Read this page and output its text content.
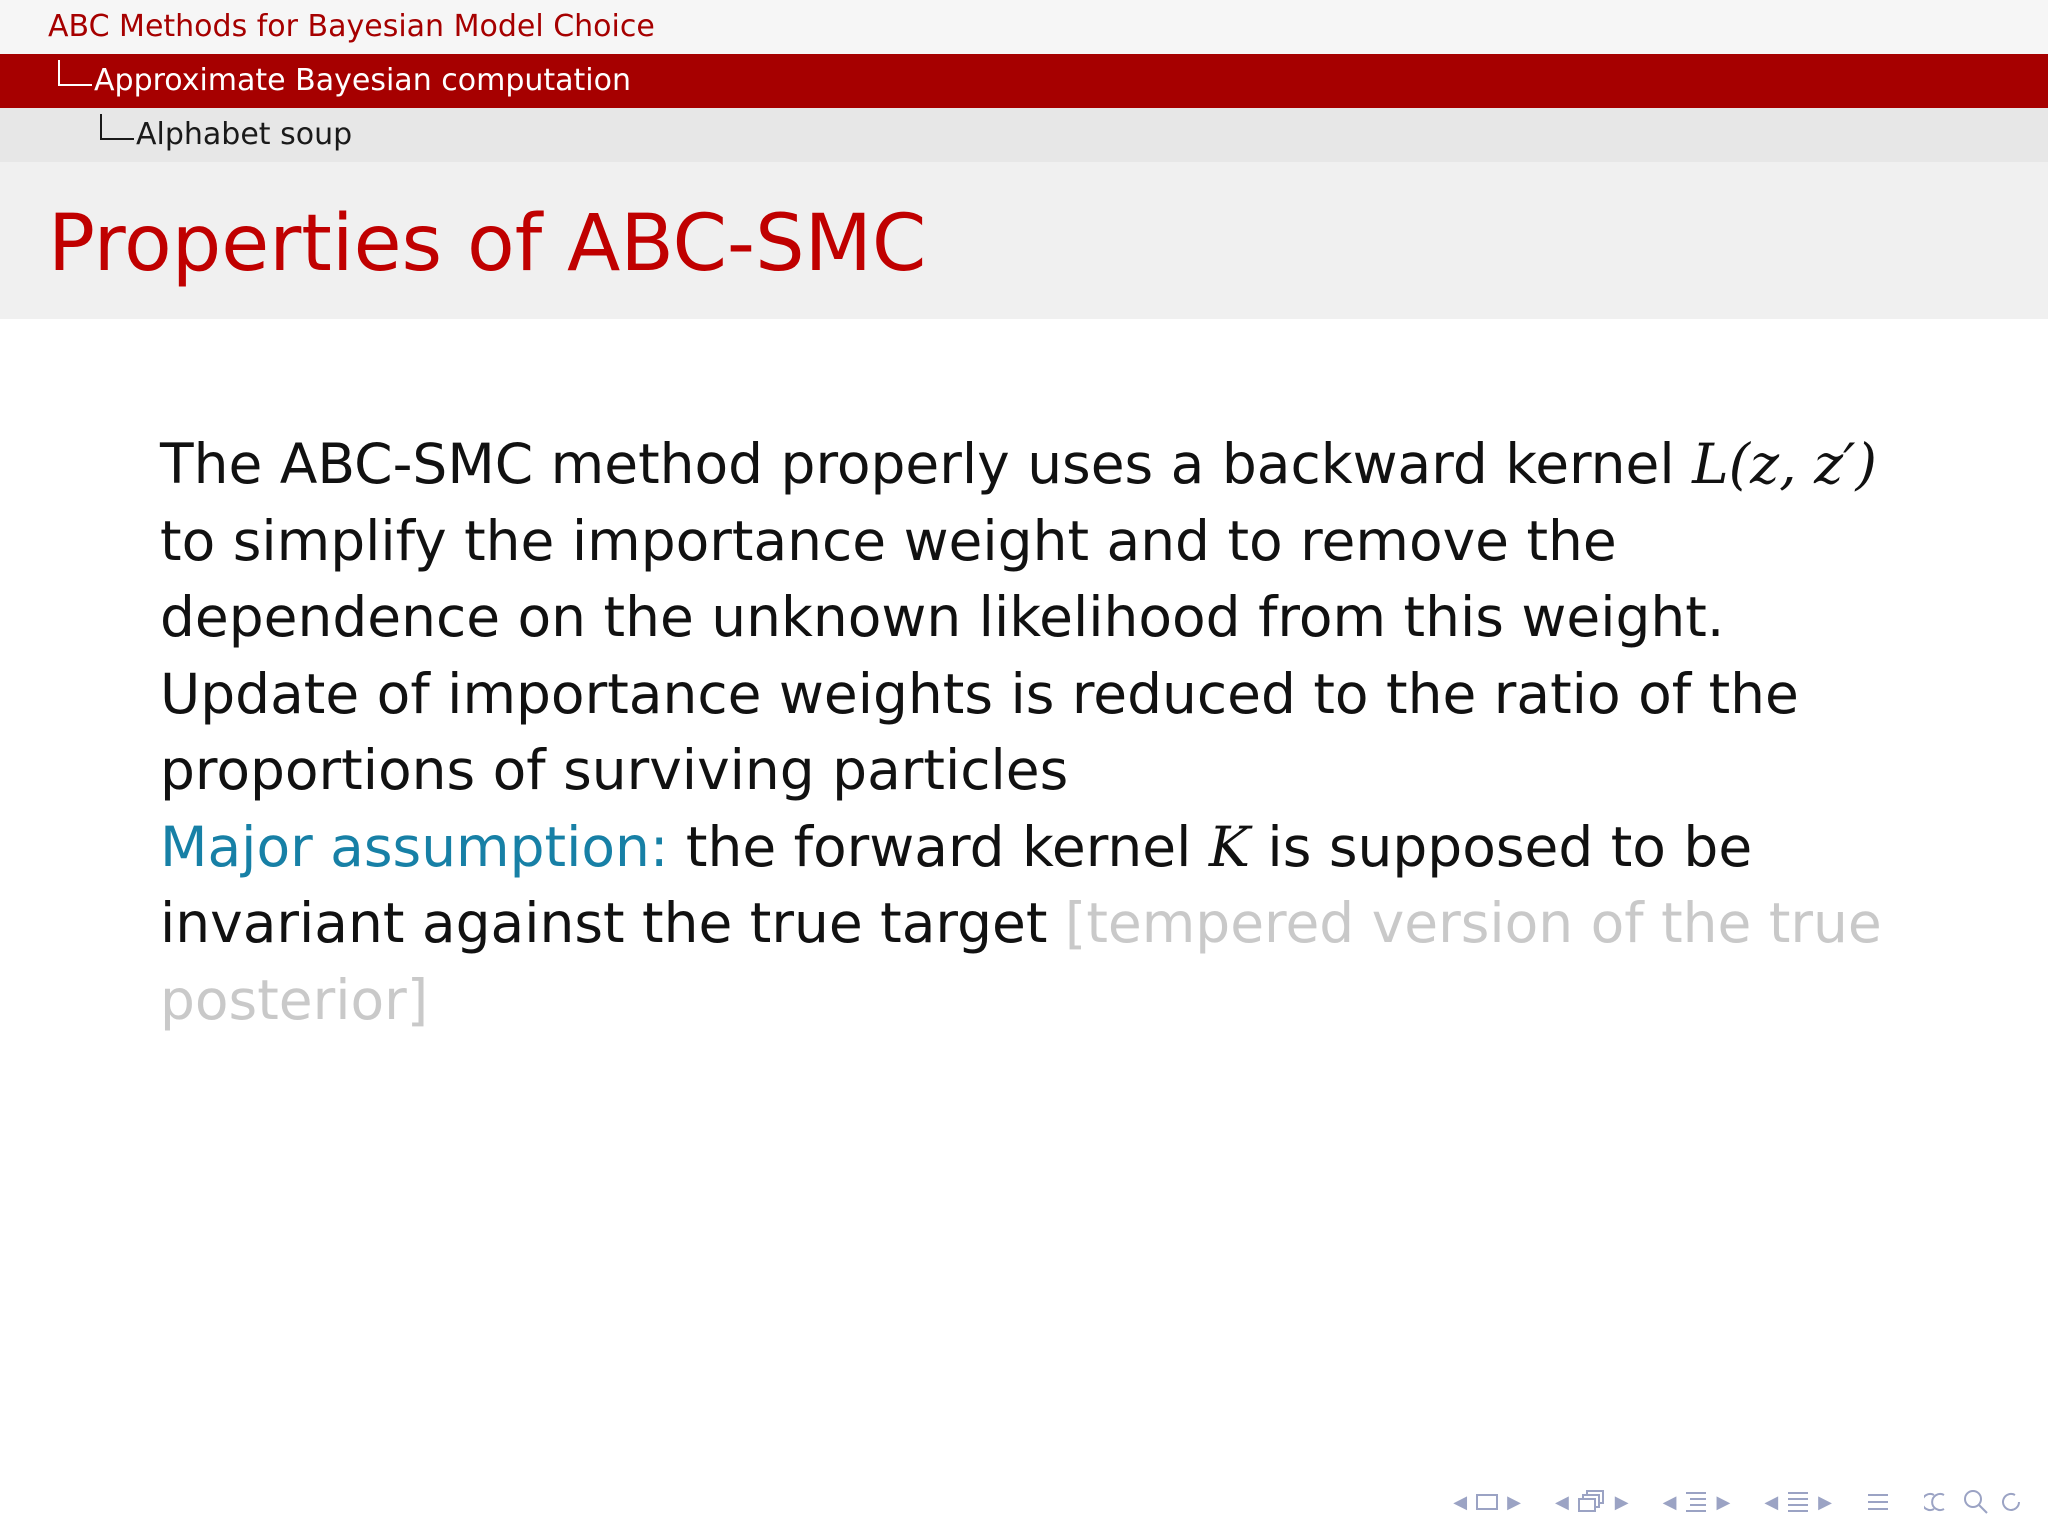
ABC Methods for Bayesian Model Choice
Approximate Bayesian computation
Alphabet soup
Properties of ABC-SMC

The ABC-SMC method properly uses a backward kernel L(z, z′) to simplify the importance weight and to remove the dependence on the unknown likelihood from this weight. Update of importance weights is reduced to the ratio of the proportions of surviving particles

Major assumption: the forward kernel K is supposed to be invariant against the true target [tempered version of the true posterior]

◀ ▶ ◀	▶ ◀ ▶ ◀ ▶
